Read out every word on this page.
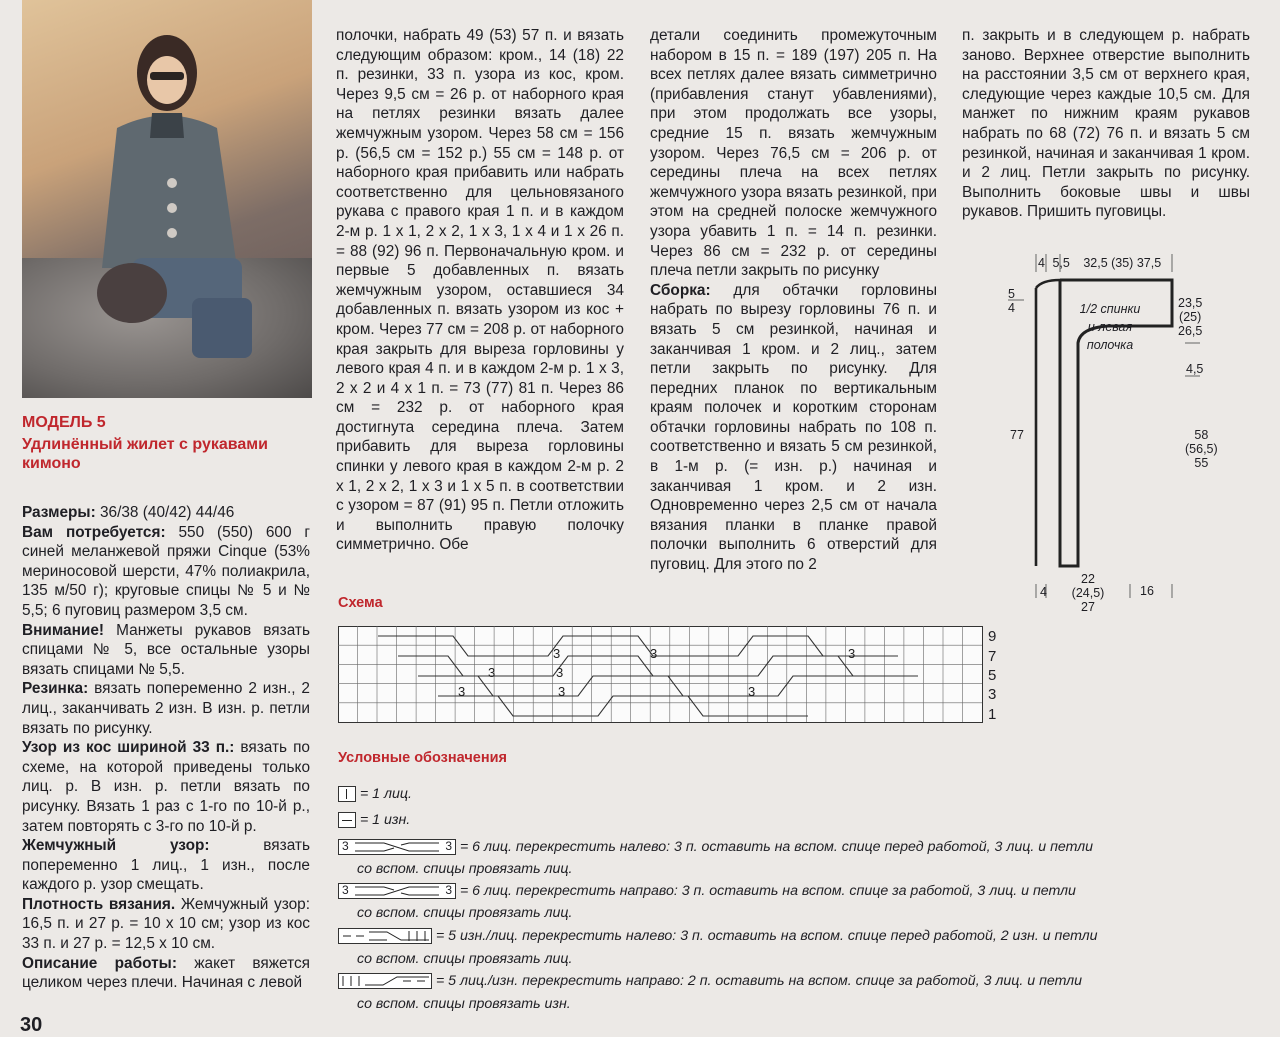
МОДЕЛЬ 5
Удлинённый жилет с рукавами кимоно

Размеры: 36/38 (40/42) 44/46

Вам потребуется: 550 (550) 600 г синей меланжевой пряжи Cinque (53% мериносовой шерсти, 47% полиакрила, 135 м/50 г); круговые спицы № 5 и № 5,5; 6 пуговиц размером 3,5 см.

Внимание! Манжеты рукавов вязать спицами № 5, все остальные узоры вязать спицами № 5,5.

Резинка: вязать попеременно 2 изн., 2 лиц., заканчивать 2 изн. В изн. р. петли вязать по рисунку.

Узор из кос шириной 33 п.: вязать по схеме, на которой приведены только лиц. р. В изн. р. петли вязать по рисунку. Вязать 1 раз с 1-го по 10-й р., затем повторять с 3-го по 10-й р.

Жемчужный узор: вязать попеременно 1 лиц., 1 изн., после каждого р. узор смещать.

Плотность вязания. Жемчужный узор: 16,5 п. и 27 р. = 10 х 10 см; узор из кос 33 п. и 27 р. = 12,5 х 10 см.

Описание работы: жакет вяжется целиком через плечи. Начиная с левой

полочки, набрать 49 (53) 57 п. и вязать следующим образом: кром., 14 (18) 22 п. резинки, 33 п. узора из кос, кром. Через 9,5 см = 26 р. от наборного края на петлях резинки вязать далее жемчужным узором. Через 58 см = 156 р. (56,5 см = 152 р.) 55 см = 148 р. от наборного края прибавить или набрать соответственно для цельновязаного рукава с правого края 1 п. и в каждом 2-м р. 1 х 1, 2 х 2, 1 х 3, 1 х 4 и 1 х 26 п. = 88 (92) 96 п. Первоначальную кром. и первые 5 добавленных п. вязать жемчужным узором, оставшиеся 34 добавленных п. вязать узором из кос + кром. Через 77 см = 208 р. от наборного края закрыть для выреза горловины у левого края 4 п. и в каждом 2-м р. 1 х 3, 2 х 2 и 4 х 1 п. = 73 (77) 81 п. Через 86 см = 232 р. от наборного края достигнута середина плеча. Затем прибавить для выреза горловины спинки у левого края в каждом 2-м р. 2 х 1, 2 х 2, 1 х 3 и 1 х 5 п. в соответствии с узором = 87 (91) 95 п. Петли отложить и выполнить правую полочку симметрично. Обе

детали соединить промежуточным набором в 15 п. = 189 (197) 205 п. На всех петлях далее вязать симметрично (прибавления станут убавлениями), при этом продолжать все узоры, средние 15 п. вязать жемчужным узором. Через 76,5 см = 206 р. от середины плеча на всех петлях жемчужного узора вязать резинкой, при этом на средней полоске жемчужного узора убавить 1 п. = 14 п. резинки. Через 86 см = 232 р. от середины плеча петли закрыть по рисунку

Сборка: для обтачки горловины набрать по вырезу горловины 76 п. и вязать 5 см резинкой, начиная и заканчивая 1 кром. и 2 лиц., затем петли закрыть по рисунку. Для передних планок по вертикальным краям полочек и коротким сторонам обтачки горловины набрать по 108 п. соответственно и вязать 5 см резинкой, в 1-м р. (= изн. р.) начиная и заканчивая 1 кром. и 2 изн. Одновременно через 2,5 см от начала вязания планки в планке правой полочки выполнить 6 отверстий для пуговиц. Для этого по 2

п. закрыть и в следующем р. набрать заново. Верхнее отверстие выполнить на расстоянии 3,5 см от верхнего края, следующие через каждые 10,5 см. Для манжет по нижним краям рукавов набрать по 68 (72) 76 п. и вязать 5 см резинкой, начиная и заканчивая 1 кром. и 2 лиц. Петли закрыть по рисунку. Выполнить боковые швы и швы рукавов. Пришить пуговицы.

4 5,5 32,5 (35) 37,5
5
4
77
1/2 спинки
и левая
полочка
23,5
(25)
26,5
4,5
58
(56,5)
55
4
22
(24,5)
27
16
Схема
3	3	3
3
3	3	3
3
9
7
5
3
1
Условные обозначения
= 1 лиц.
= 1 изн.
3	3 = 6 лиц. перекрестить налево: 3 п. оставить на вспом. спице перед работой, 3 лиц. и петли
со вспом. спицы провязать лиц.
3	3 = 6 лиц. перекрестить направо: 3 п. оставить на вспом. спице за работой, 3 лиц. и петли
со вспом. спицы провязать лиц.
= 5 изн./лиц. перекрестить налево: 3 п. оставить на вспом. спице перед работой, 2 изн. и петли
со вспом. спицы провязать лиц.
= 5 лиц./изн. перекрестить направо: 2 п. оставить на вспом. спице за работой, 3 лиц. и петли
со вспом. спицы провязать изн.
30
